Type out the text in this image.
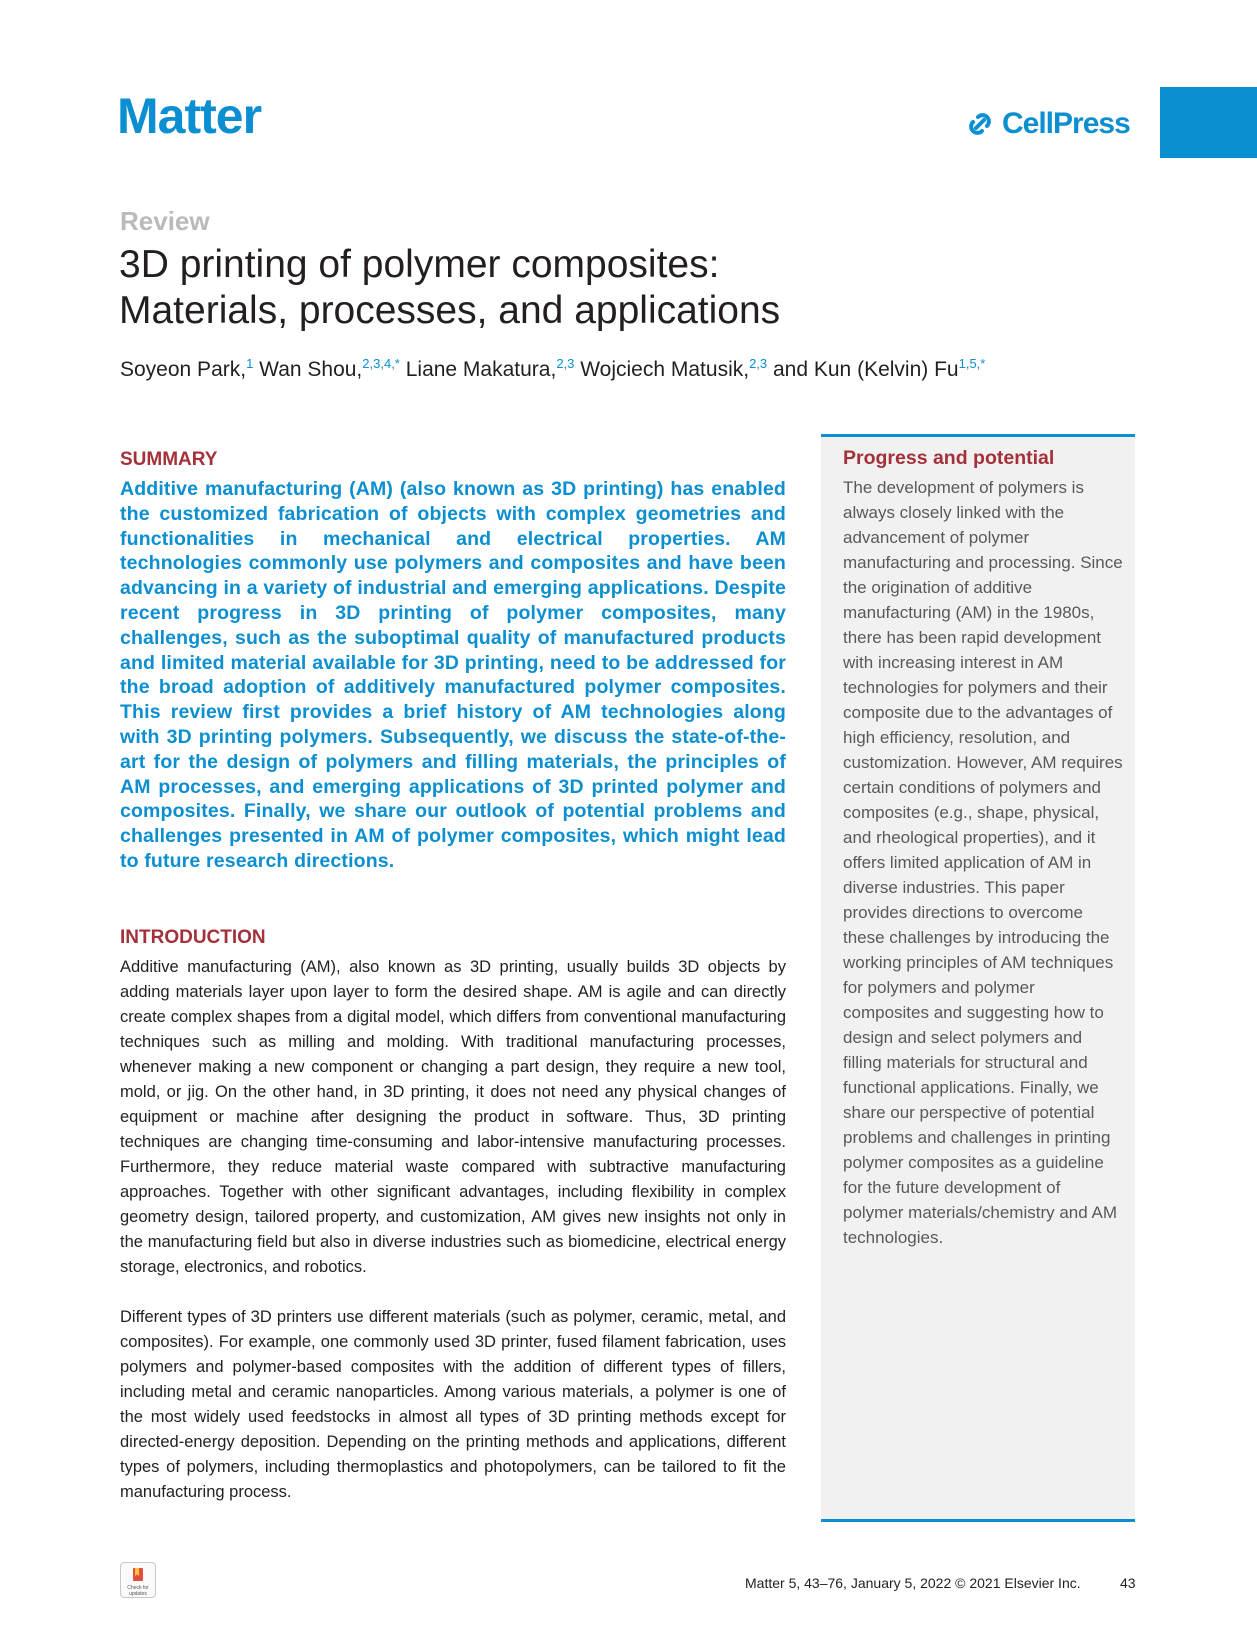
Matter	CellPress
Review
3D printing of polymer composites:
Materials, processes, and applications
Soyeon Park,$^1$ Wan Shou,$^{2,3,4,*}$ Liane Makatura,$^{2,3}$ Wojciech Matusik,$^{2,3}$ and Kun (Kelvin) $Fu^{1,5,*}$
SUMMARY
Additive manufacturing (AM) (also known as 3D printing) has enabled the customized fabrication of objects with complex geometries and functionalities in mechanical and electrical properties. AM technologies commonly use polymers and composites and have been advancing in a variety of industrial and emerging applications. Despite recent progress in 3D printing of polymer composites, many challenges, such as the suboptimal quality of manufactured products and limited material available for 3D printing, need to be addressed for the broad adoption of additively manufactured polymer composites. This review first provides a brief history of AM technologies along with 3D printing polymers. Subsequently, we discuss the state-of-the-art for the design of polymers and filling materials, the principles of AM processes, and emerging applications of 3D printed polymer and composites. Finally, we share our outlook of potential problems and challenges presented in AM of polymer composites, which might lead to future research directions.
INTRODUCTION
Additive manufacturing (AM), also known as 3D printing, usually builds 3D objects by adding materials layer upon layer to form the desired shape. AM is agile and can directly create complex shapes from a digital model, which differs from conventional manufacturing techniques such as milling and molding. With traditional manufacturing processes, whenever making a new component or changing a part design, they require a new tool, mold, or jig. On the other hand, in 3D printing, it does not need any physical changes of equipment or machine after designing the product in software. Thus, 3D printing techniques are changing time-consuming and labor-intensive manufacturing processes. Furthermore, they reduce material waste compared with subtractive manufacturing approaches. Together with other significant advantages, including flexibility in complex geometry design, tailored property, and customization, AM gives new insights not only in the manufacturing field but also in diverse industries such as biomedicine, electrical energy storage, electronics, and robotics.
Different types of 3D printers use different materials (such as polymer, ceramic, metal, and composites). For example, one commonly used 3D printer, fused filament fabrication, uses polymers and polymer-based composites with the addition of different types of fillers, including metal and ceramic nanoparticles. Among various materials, a polymer is one of the most widely used feedstocks in almost all types of 3D printing methods except for directed-energy deposition. Depending on the printing methods and applications, different types of polymers, including thermoplastics and photopolymers, can be tailored to fit the manufacturing process.
Progress and potential
The development of polymers is always closely linked with the advancement of polymer manufacturing and processing. Since the origination of additive manufacturing (AM) in the 1980s, there has been rapid development with increasing interest in AM technologies for polymers and their composite due to the advantages of high efficiency, resolution, and customization. However, AM requires certain conditions of polymers and composites (e.g., shape, physical, and rheological properties), and it offers limited application of AM in diverse industries. This paper provides directions to overcome these challenges by introducing the working principles of AM techniques for polymers and polymer composites and suggesting how to design and select polymers and filling materials for structural and functional applications. Finally, we share our perspective of potential problems and challenges in printing polymer composites as a guideline for the future development of polymer materials/chemistry and AM technologies.
Check for updates
Matter 5, 43–76, January 5, 2022 © 2021 Elsevier Inc.	43
